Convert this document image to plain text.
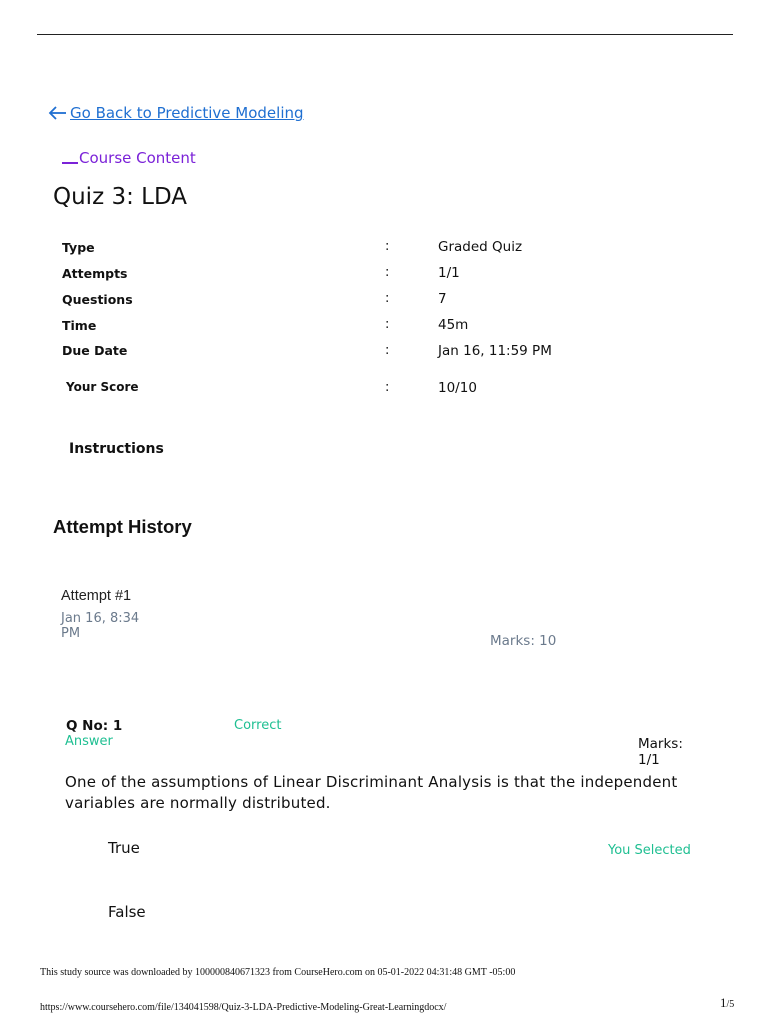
Go Back to Predictive Modeling
Course Content
Quiz 3: LDA
Type	:	Graded Quiz
Attempts	:	1/1
Questions	:	7
Time	:	45m
Due Date	:	Jan 16, 11:59 PM
Your Score	:	10/10
Instructions
Attempt History
Attempt #1
Jan 16, 8:34 PM	Marks: 10
Q No: 1	Correct
Answer	Marks: 1/1
One of the assumptions of Linear Discriminant Analysis is that the independent variables are normally distributed.
True	You Selected
False
This study source was downloaded by 100000840671323 from CourseHero.com on 05-01-2022 04:31:48 GMT -05:00
https://www.coursehero.com/file/134041598/Quiz-3-LDA-Predictive-Modeling-Great-Learningdocx/	1/5
